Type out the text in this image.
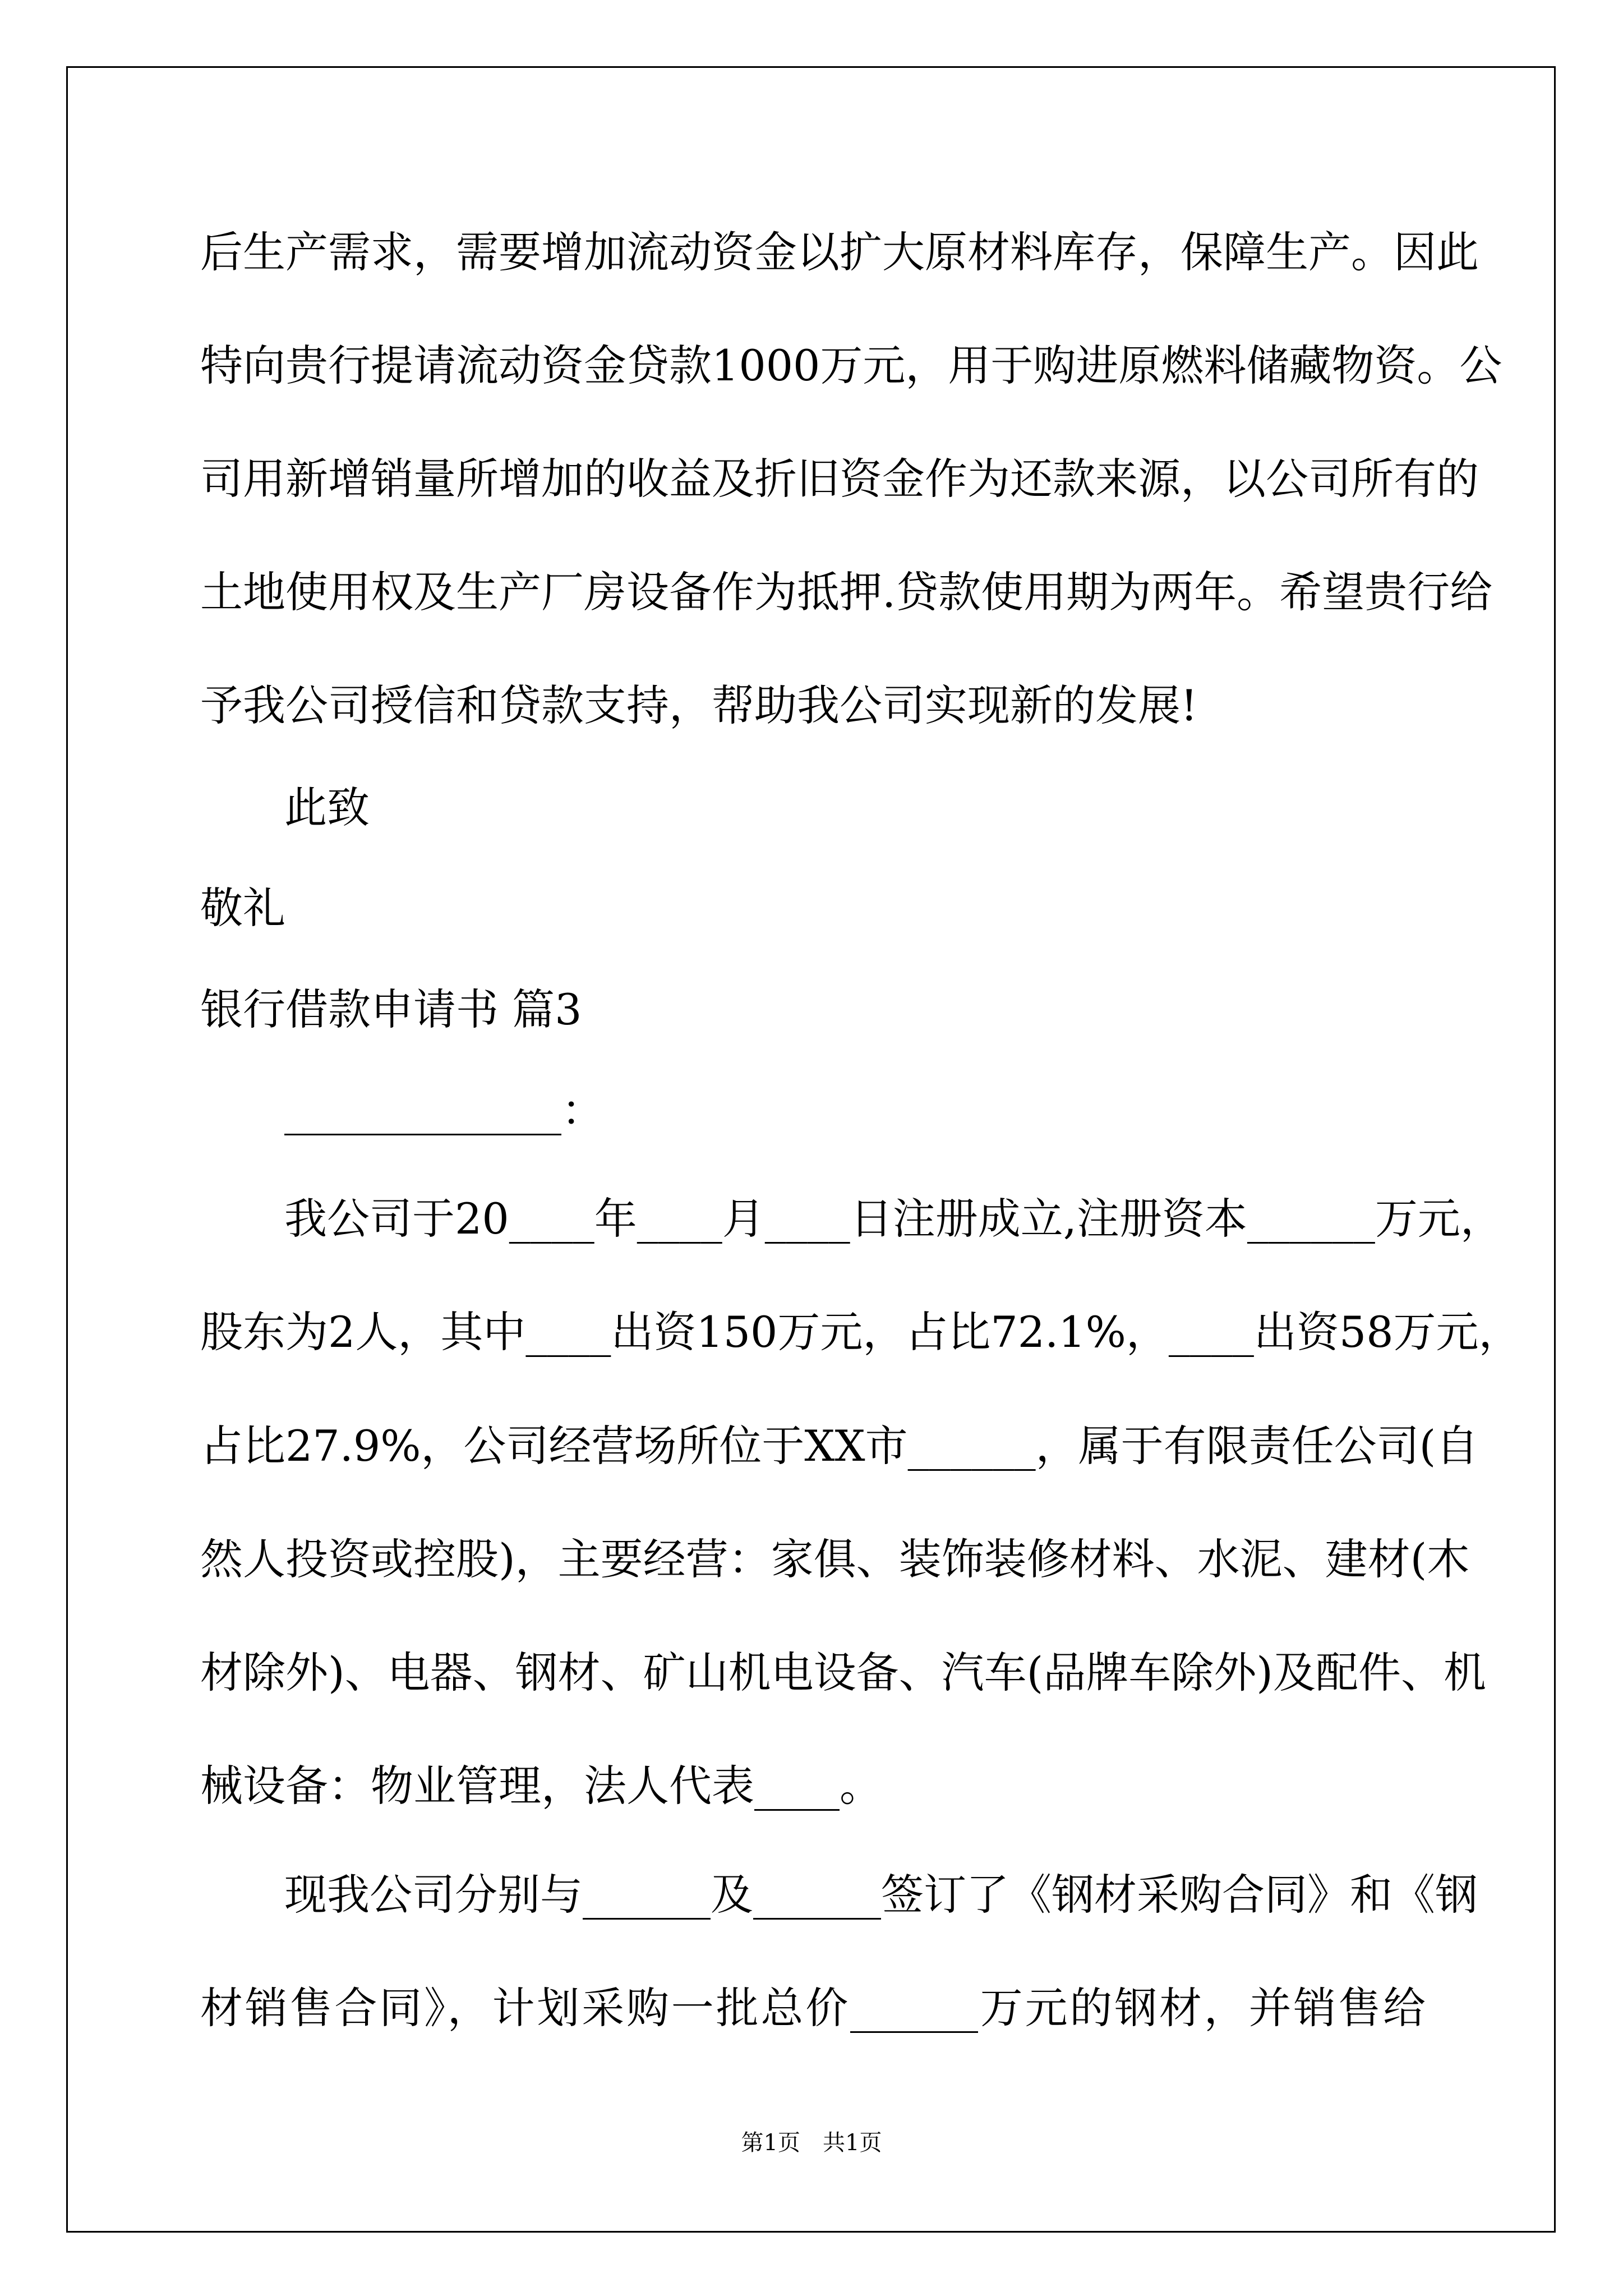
后生产需求，需要增加流动资金以扩大原材料库存，保障生产。因此
特向贵行提请流动资金贷款1000万元，用于购进原燃料储藏物资。公
司用新增销量所增加的收益及折旧资金作为还款来源，以公司所有的
土地使用权及生产厂房设备作为抵押.贷款使用期为两年。希望贵行给
予我公司授信和贷款支持，帮助我公司实现新的发展!
此致
敬礼
银行借款申请书 篇3
_____________：
我公司于20____年____月____日注册成立,注册资本______万元，
股东为2人，其中____出资150万元，占比72.1%，____出资58万元，
占比27.9%，公司经营场所位于XX市______，属于有限责任公司(自
然人投资或控股)，主要经营：家俱、装饰装修材料、水泥、建材(木
材除外)、电器、钢材、矿山机电设备、汽车(品牌车除外)及配件、机
械设备：物业管理，法人代表____。
现我公司分别与______及______签订了《钢材采购合同》和《钢
材销售合同》，计划采购一批总价______万元的钢材，并销售给
第1页　共1页
